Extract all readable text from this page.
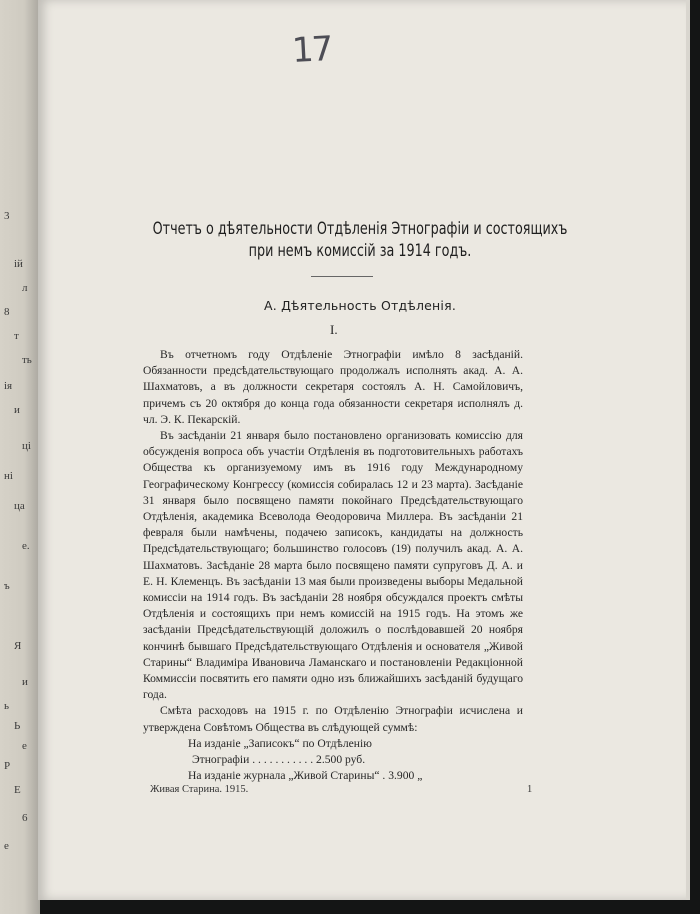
3
ій
л
8
т
ть
ія
и
ці
ні
ца
е.
ъ
Я
и
ь
Ь
е
Р
Е
6
е
17
Отчетъ о дѣятельности Отдѣленія Этнографіи и состоящихъ при немъ комиссій за 1914 годъ.
А. Дѣятельность Отдѣленія.
I.

Въ отчетномъ году Отдѣленіе Этнографіи имѣло 8 засѣданій. Обязанности предсѣдательствующаго продолжалъ исполнять акад. А. А. Шахматовъ, а въ должности секретаря состоялъ А. Н. Самойловичъ, причемъ съ 20 октября до конца года обязанности секретаря исполнялъ д. чл. Э. К. Пекарскій.

Въ засѣданіи 21 января было постановлено организовать комиссію для обсужденія вопроса объ участіи Отдѣленія въ подготовительныхъ работахъ Общества къ организуемому имъ въ 1916 году Международному Географическому Конгрессу (комиссія собиралась 12 и 23 марта). Засѣданіе 31 января было посвящено памяти покойнаго Предсѣдательствующаго Отдѣленія, академика Всеволода Ѳеодоровича Миллера. Въ засѣданіи 21 февраля были намѣчены, подачею записокъ, кандидаты на должность Предсѣдательствующаго; большинство голосовъ (19) получилъ акад. А. А. Шахматовъ. Засѣданіе 28 марта было посвящено памяти супруговъ Д. А. и Е. Н. Клеменцъ. Въ засѣданіи 13 мая были произведены выборы Медальной комиссіи на 1914 годъ. Въ засѣданіи 28 ноября обсуждался проектъ смѣты Отдѣленія и состоящихъ при немъ комиссій на 1915 годъ. На этомъ же засѣданіи Предсѣдательствующій доложилъ о послѣдовавшей 20 ноября кончинѣ бывшаго Предсѣдательствующаго Отдѣленія и основателя „Живой Старины“ Владиміра Ивановича Ламанскаго и постановленіи Редакціонной Коммиссіи посвятить его памяти одно изъ ближайшихъ засѣданій будущаго года.

Смѣта расходовъ на 1915 г. по Отдѣленію Этнографіи исчислена и утверждена Совѣтомъ Общества въ слѣдующей суммѣ:

На изданіе „Записокъ“ по Отдѣленію
Этнографіи . . . . . . . . . . . 2.500 руб.
На изданіе журнала „Живой Старины“ . 3.900 „
Живая Старина. 1915.	1
